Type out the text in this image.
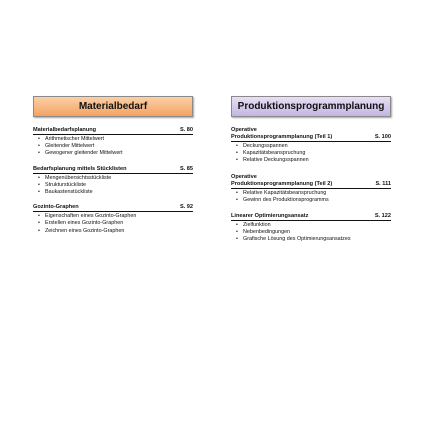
Materialbedarf
Materialbedarfsplanung	S. 80
• Arithmetischer Mittelwert
• Gleitender Mittelwert
• Gewogener gleitender Mittelwert
Bedarfsplanung mittels Stücklisten	S. 85
• Mengenübersichtsstückliste
• Strukturstückliste
• Baukastenstückliste
Gozinto-Graphen	S. 92
• Eigenschaften eines Gozinto-Graphen
• Erstellen eines Gozinto-Graphen
• Zeichnen eines Gozinto-Graphen
Produktionsprogrammplanung
Operative
Produktionsprogrammplanung (Teil 1)	S. 100
• Deckungsspannen
• Kapazitätsbeanspruchung
• Relative Deckungsspannen
Operative
Produktionsprogrammplanung (Teil 2)	S. 111
• Relative Kapazitätsbeanspruchung
• Gewinn des Produktionsprogramms
Linearer Optimierungsansatz	S. 122
• Zielfunktion
• Nebenbedingungen
• Grafische Lösung des Optimierungsansatzes
